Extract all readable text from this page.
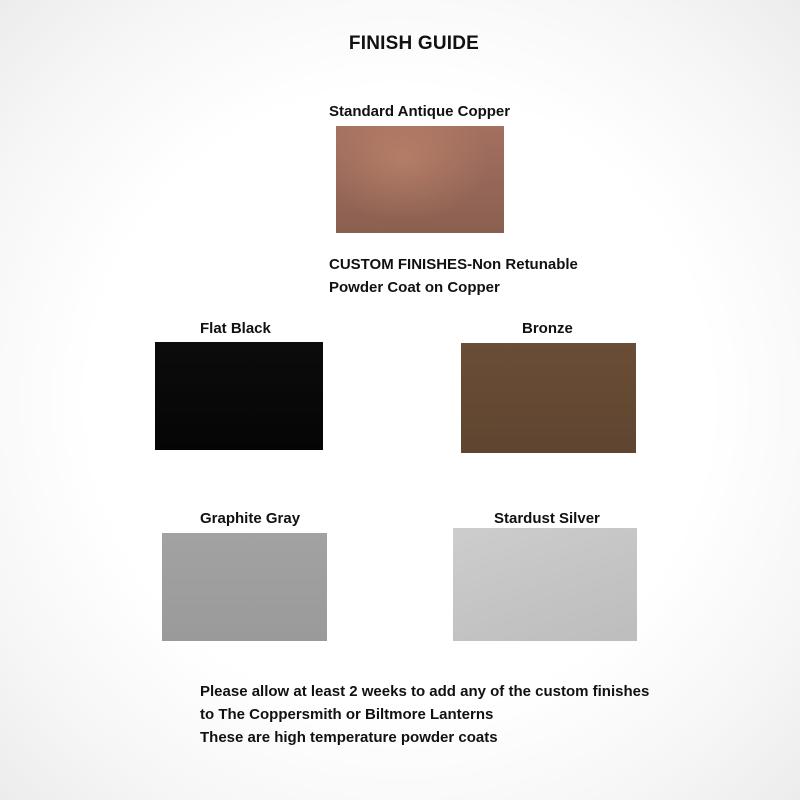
FINISH GUIDE
Standard Antique Copper
CUSTOM FINISHES-Non Retunable
Powder Coat on Copper
Flat Black	Bronze
Graphite Gray	Stardust Silver
Please allow at least 2 weeks to add any of the custom finishes
to The Coppersmith or Biltmore Lanterns
These are high temperature powder coats
